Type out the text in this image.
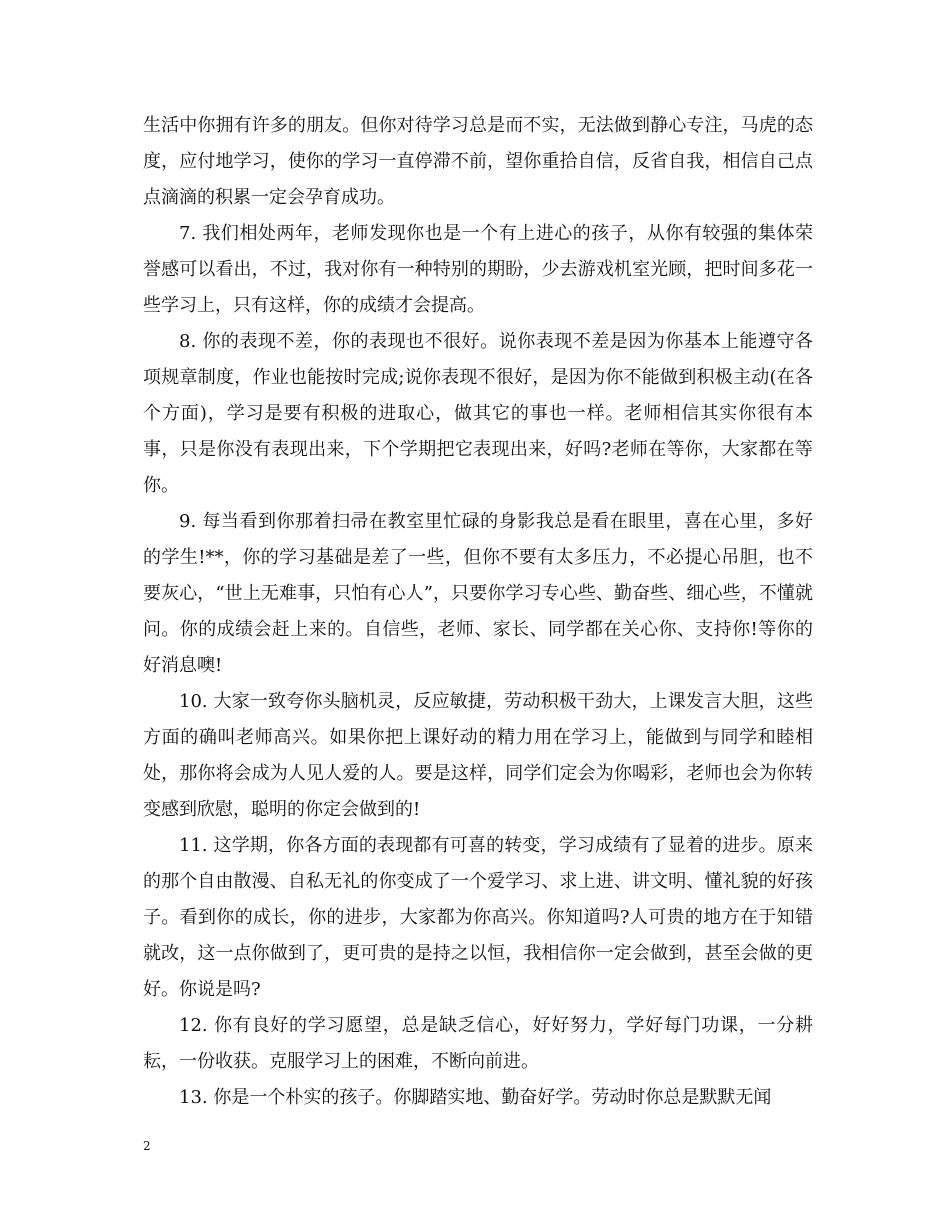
生活中你拥有许多的朋友。但你对待学习总是而不实，无法做到静心专注，马虎的态度，应付地学习，使你的学习一直停滞不前，望你重拾自信，反省自我，相信自己点点滴滴的积累一定会孕育成功。

7. 我们相处两年，老师发现你也是一个有上进心的孩子，从你有较强的集体荣誉感可以看出，不过，我对你有一种特别的期盼，少去游戏机室光顾，把时间多花一些学习上，只有这样，你的成绩才会提高。

8. 你的表现不差，你的表现也不很好。说你表现不差是因为你基本上能遵守各项规章制度，作业也能按时完成;说你表现不很好，是因为你不能做到积极主动(在各个方面)，学习是要有积极的进取心，做其它的事也一样。老师相信其实你很有本事，只是你没有表现出来，下个学期把它表现出来，好吗?老师在等你，大家都在等你。

9. 每当看到你那着扫帚在教室里忙碌的身影我总是看在眼里，喜在心里，多好的学生!**，你的学习基础是差了一些，但你不要有太多压力，不必提心吊胆，也不要灰心，“世上无难事，只怕有心人”，只要你学习专心些、勤奋些、细心些，不懂就问。你的成绩会赶上来的。自信些，老师、家长、同学都在关心你、支持你!等你的好消息噢!

10. 大家一致夸你头脑机灵，反应敏捷，劳动积极干劲大，上课发言大胆，这些方面的确叫老师高兴。如果你把上课好动的精力用在学习上，能做到与同学和睦相处，那你将会成为人见人爱的人。要是这样，同学们定会为你喝彩，老师也会为你转变感到欣慰，聪明的你定会做到的!

11. 这学期，你各方面的表现都有可喜的转变，学习成绩有了显着的进步。原来的那个自由散漫、自私无礼的你变成了一个爱学习、求上进、讲文明、懂礼貌的好孩子。看到你的成长，你的进步，大家都为你高兴。你知道吗?人可贵的地方在于知错就改，这一点你做到了，更可贵的是持之以恒，我相信你一定会做到，甚至会做的更好。你说是吗?

12. 你有良好的学习愿望，总是缺乏信心，好好努力，学好每门功课，一分耕耘，一份收获。克服学习上的困难，不断向前进。

13. 你是一个朴实的孩子。你脚踏实地、勤奋好学。劳动时你总是默默无闻

2
